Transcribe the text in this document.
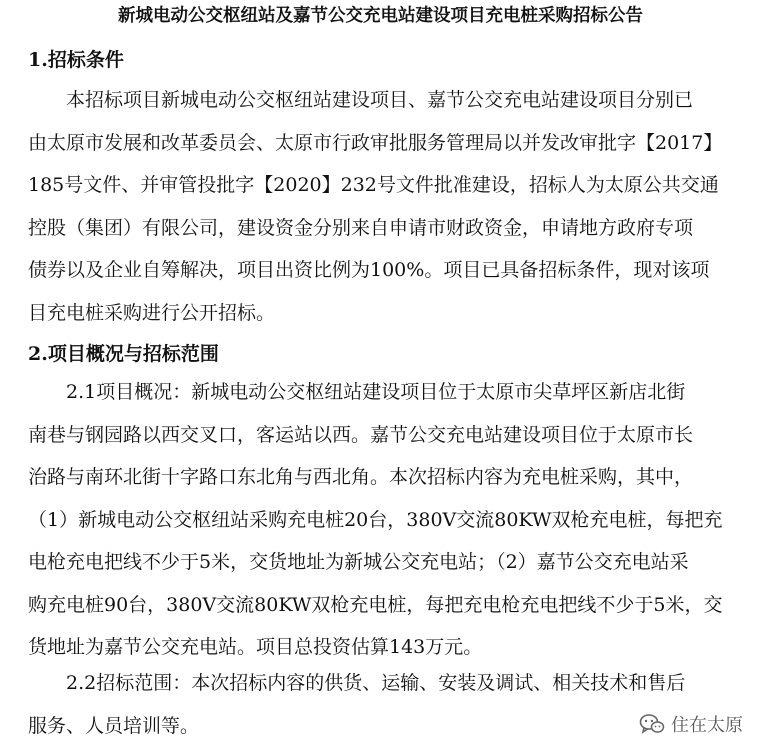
新城电动公交枢纽站及嘉节公交充电站建设项目充电桩采购招标公告
1.招标条件
本招标项目新城电动公交枢纽站建设项目、嘉节公交充电站建设项目分别已
由太原市发展和改革委员会、太原市行政审批服务管理局以并发改审批字【2017】
185号文件、并审管投批字【2020】232号文件批准建设，招标人为太原公共交通
控股（集团）有限公司，建设资金分别来自申请市财政资金，申请地方政府专项
债券以及企业自筹解决，项目出资比例为100%。项目已具备招标条件，现对该项
目充电桩采购进行公开招标。
2.项目概况与招标范围
2.1项目概况：新城电动公交枢纽站建设项目位于太原市尖草坪区新店北街
南巷与钢园路以西交叉口，客运站以西。嘉节公交充电站建设项目位于太原市长
治路与南环北街十字路口东北角与西北角。本次招标内容为充电桩采购，其中，
（1）新城电动公交枢纽站采购充电桩20台，380V交流80KW双枪充电桩，每把充
电枪充电把线不少于5米，交货地址为新城公交充电站；（2）嘉节公交充电站采
购充电桩90台，380V交流80KW双枪充电桩，每把充电枪充电把线不少于5米，交
货地址为嘉节公交充电站。项目总投资估算143万元。
2.2招标范围：本次招标内容的供货、运输、安装及调试、相关技术和售后
服务、人员培训等。	住在太原
